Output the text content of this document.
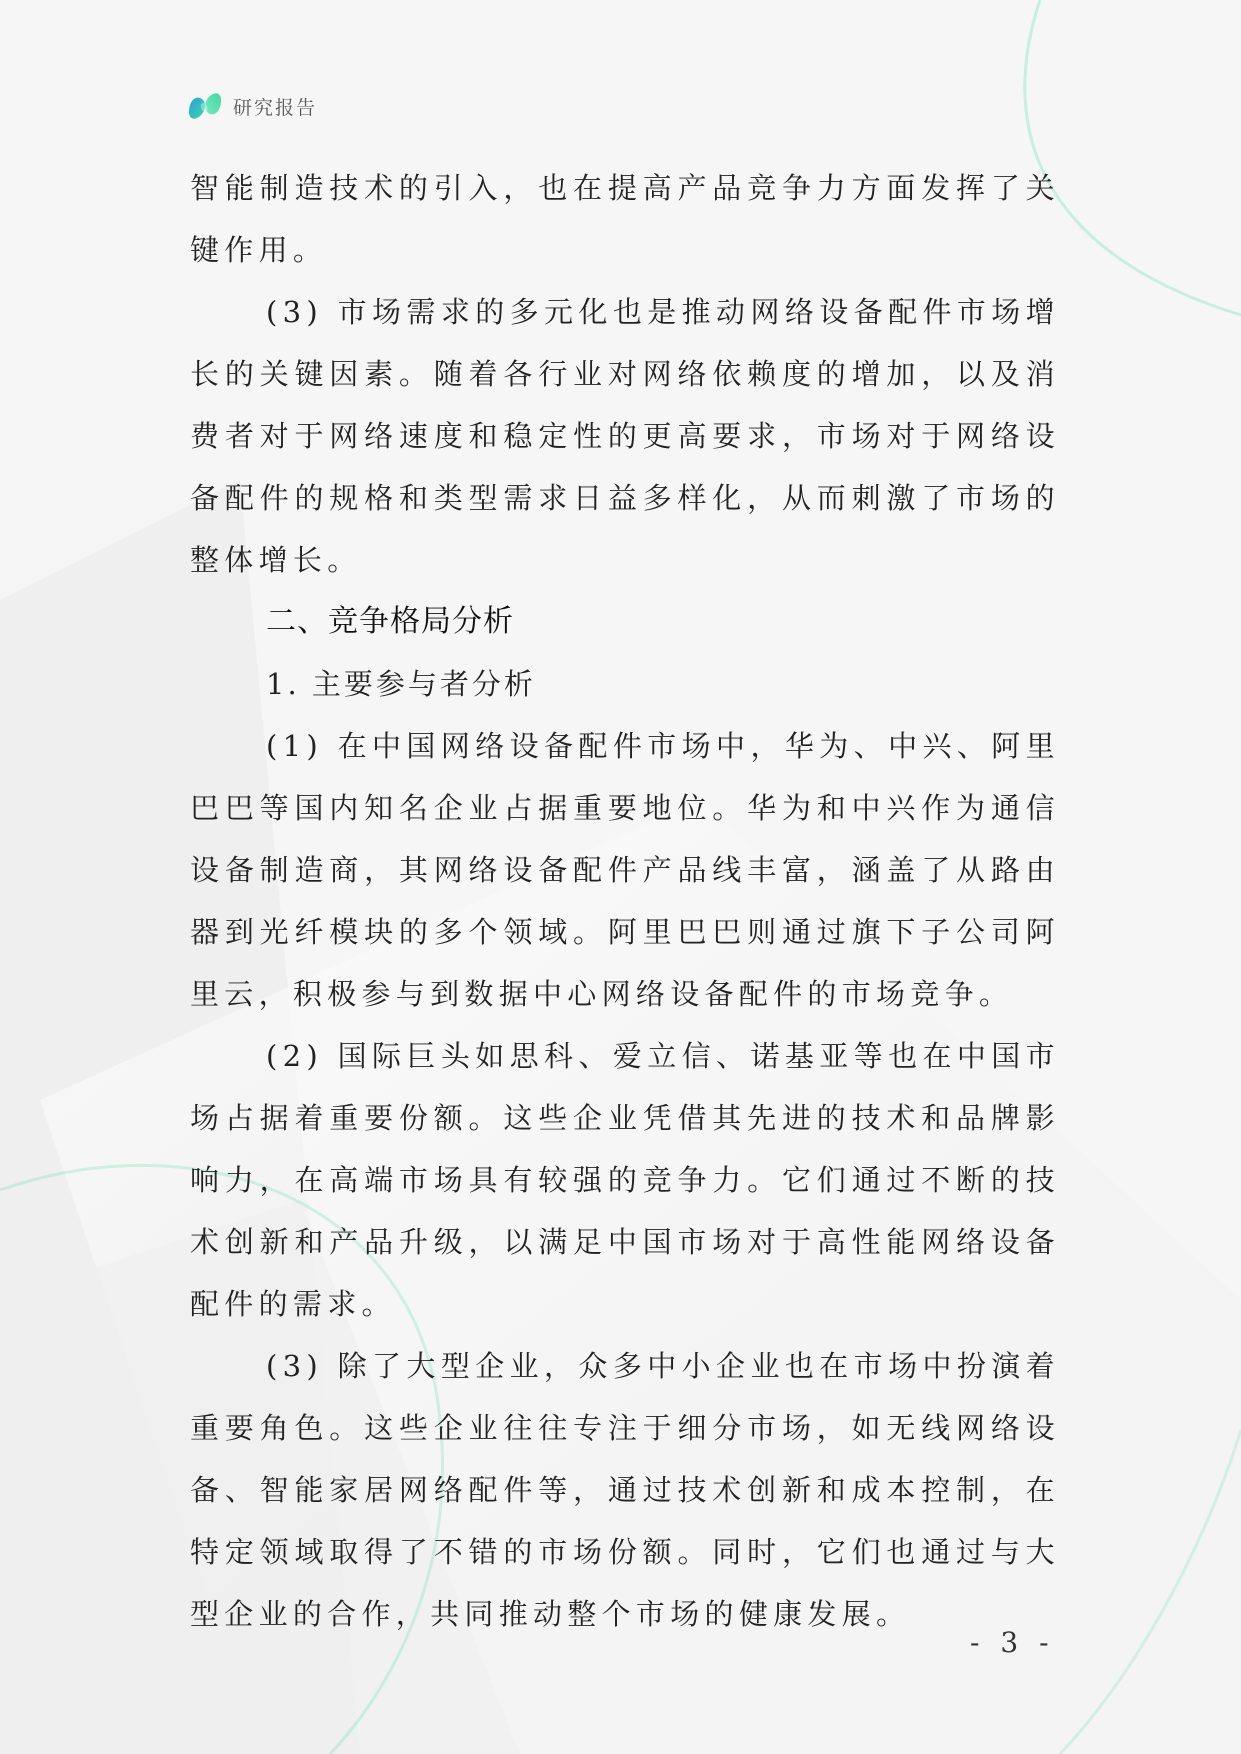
研究报告

智能制造技术的引入，也在提高产品竞争力方面发挥了关键作用。

(3) 市场需求的多元化也是推动网络设备配件市场增长的关键因素。随着各行业对网络依赖度的增加，以及消费者对于网络速度和稳定性的更高要求，市场对于网络设备配件的规格和类型需求日益多样化，从而刺激了市场的整体增长。

二、竞争格局分析

1. 主要参与者分析

(1) 在中国网络设备配件市场中，华为、中兴、阿里巴巴等国内知名企业占据重要地位。华为和中兴作为通信设备制造商，其网络设备配件产品线丰富，涵盖了从路由器到光纤模块的多个领域。阿里巴巴则通过旗下子公司阿里云，积极参与到数据中心网络设备配件的市场竞争。

(2) 国际巨头如思科、爱立信、诺基亚等也在中国市场占据着重要份额。这些企业凭借其先进的技术和品牌影响力，在高端市场具有较强的竞争力。它们通过不断的技术创新和产品升级，以满足中国市场对于高性能网络设备配件的需求。

(3) 除了大型企业，众多中小企业也在市场中扮演着重要角色。这些企业往往专注于细分市场，如无线网络设备、智能家居网络配件等，通过技术创新和成本控制，在特定领域取得了不错的市场份额。同时，它们也通过与大型企业的合作，共同推动整个市场的健康发展。

- 3 -
